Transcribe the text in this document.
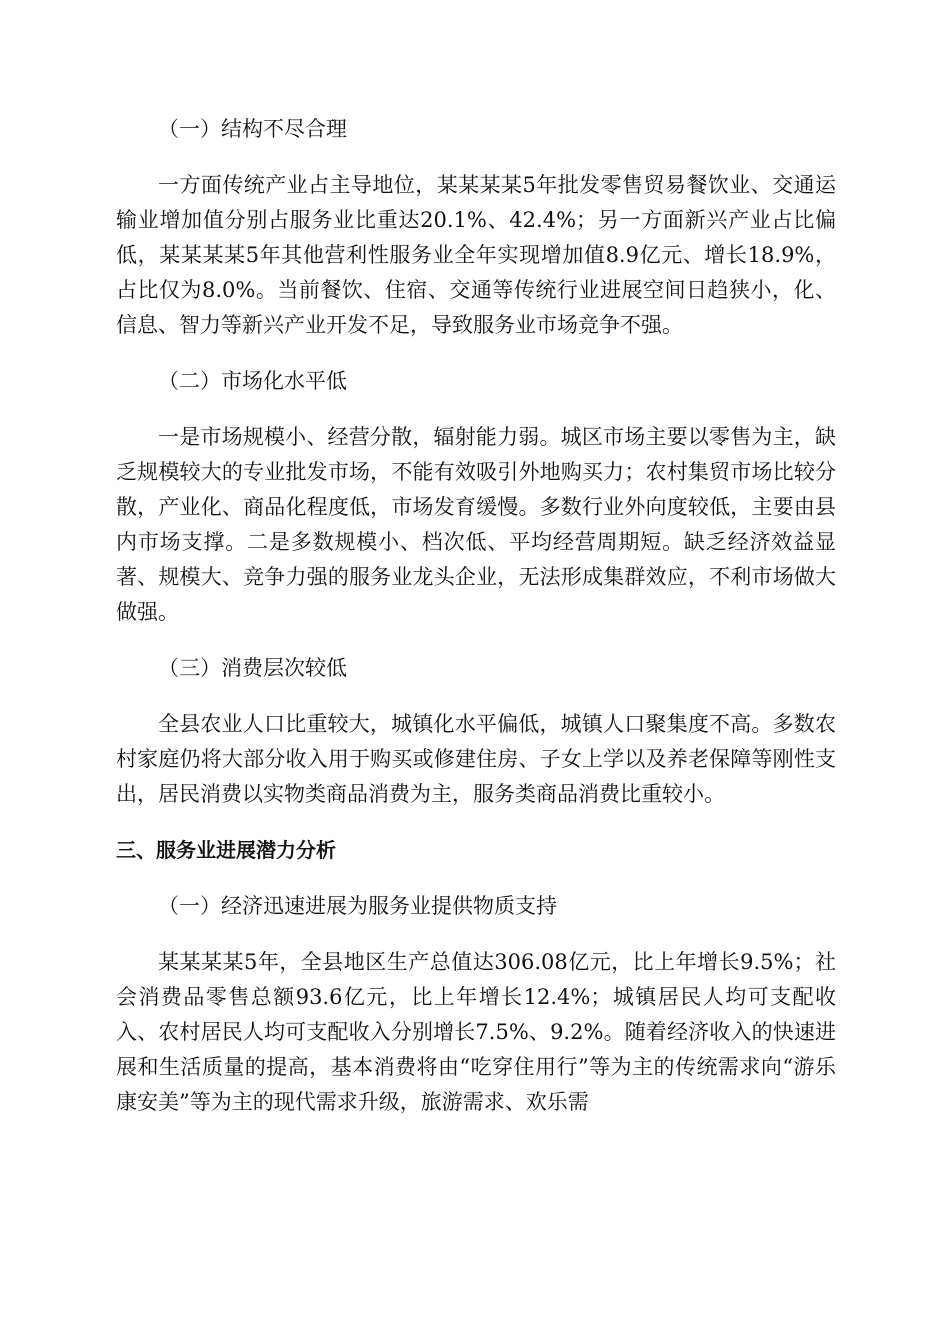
（一）结构不尽合理

一方面传统产业占主导地位，某某某某5年批发零售贸易餐饮业、交通运输业增加值分别占服务业比重达20.1%、42.4%；另一方面新兴产业占比偏低，某某某某5年其他营利性服务业全年实现增加值8.9亿元、增长18.9%，占比仅为8.0%。当前餐饮、住宿、交通等传统行业进展空间日趋狭小，化、信息、智力等新兴产业开发不足，导致服务业市场竞争不强。

（二）市场化水平低

一是市场规模小、经营分散，辐射能力弱。城区市场主要以零售为主，缺乏规模较大的专业批发市场，不能有效吸引外地购买力；农村集贸市场比较分散，产业化、商品化程度低，市场发育缓慢。多数行业外向度较低，主要由县内市场支撑。二是多数规模小、档次低、平均经营周期短。缺乏经济效益显著、规模大、竞争力强的服务业龙头企业，无法形成集群效应，不利市场做大做强。

（三）消费层次较低

全县农业人口比重较大，城镇化水平偏低，城镇人口聚集度不高。多数农村家庭仍将大部分收入用于购买或修建住房、子女上学以及养老保障等刚性支出，居民消费以实物类商品消费为主，服务类商品消费比重较小。

三、服务业进展潜力分析

（一）经济迅速进展为服务业提供物质支持

某某某某5年，全县地区生产总值达306.08亿元，比上年增长9.5%；社会消费品零售总额93.6亿元，比上年增长12.4%；城镇居民人均可支配收入、农村居民人均可支配收入分别增长7.5%、9.2%。随着经济收入的快速进展和生活质量的提高，基本消费将由“吃穿住用行”等为主的传统需求向“游乐康安美”等为主的现代需求升级，旅游需求、欢乐需
